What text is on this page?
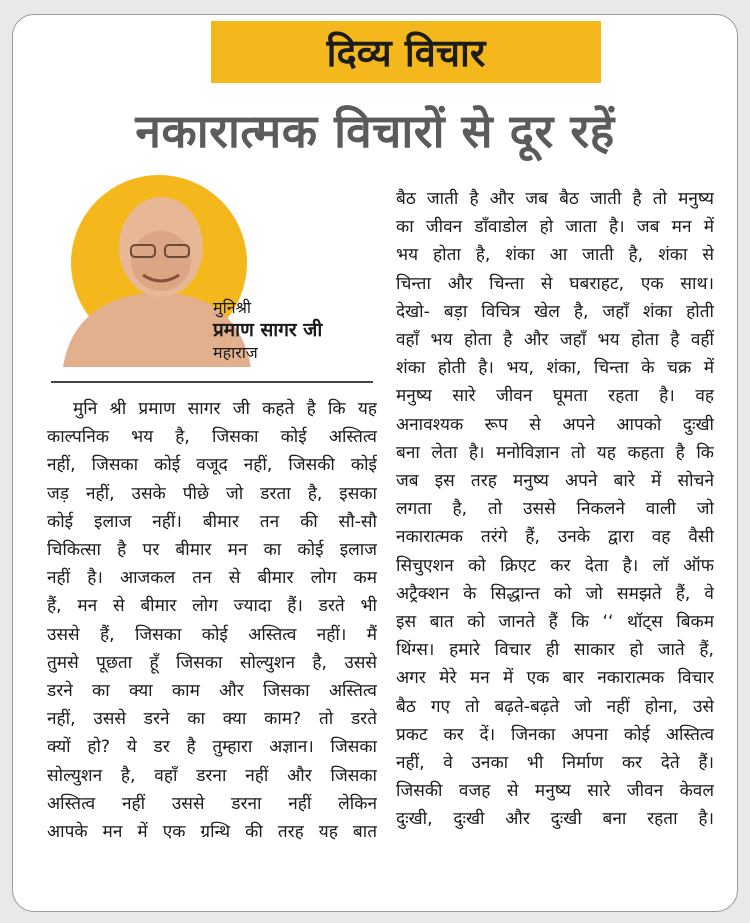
दिव्य विचार
नकारात्मक विचारों से दूर रहें
मुनिश्री
प्रमाण सागर जी
महाराज

मुनि श्री प्रमाण सागर जी कहते है कि यह

काल्पनिक भय है, जिसका कोई अस्तित्व

नहीं, जिसका कोई वजूद नहीं, जिसकी कोई

जड़ नहीं, उसके पीछे जो डरता है, इसका

कोई इलाज नहीं। बीमार तन की सौ-सौ

चिकित्सा है पर बीमार मन का कोई इलाज

नहीं है। आजकल तन से बीमार लोग कम

हैं, मन से बीमार लोग ज्यादा हैं। डरते भी

उससे हैं, जिसका कोई अस्तित्व नहीं। मैं

तुमसे पूछता हूँ जिसका सोल्युशन है, उससे

डरने का क्या काम और जिसका अस्तित्व

नहीं, उससे डरने का क्या काम? तो डरते

क्यों हो? ये डर है तुम्हारा अज्ञान। जिसका

सोल्युशन है, वहाँ डरना नहीं और जिसका

अस्तित्व नहीं उससे डरना नहीं लेकिन

आपके मन में एक ग्रन्थि की तरह यह बात

बैठ जाती है और जब बैठ जाती है तो मनुष्य

का जीवन डाँवाडोल हो जाता है। जब मन में

भय होता है, शंका आ जाती है, शंका से

चिन्ता और चिन्ता से घबराहट, एक साथ।

देखो- बड़ा विचित्र खेल है, जहाँ शंका होती

वहाँ भय होता है और जहाँ भय होता है वहीं

शंका होती है। भय, शंका, चिन्ता के चक्र में

मनुष्य सारे जीवन घूमता रहता है। वह

अनावश्यक रूप से अपने आपको दुःखी

बना लेता है। मनोविज्ञान तो यह कहता है कि

जब इस तरह मनुष्य अपने बारे में सोचने

लगता है, तो उससे निकलने वाली जो

नकारात्मक तरंगे हैं, उनके द्वारा वह वैसी

सिचुएशन को क्रिएट कर देता है। लॉ ऑफ

अट्रैक्शन के सिद्धान्त को जो समझते हैं, वे

इस बात को जानते हैं कि ‘‘ थॉट्स बिकम

थिंग्स। हमारे विचार ही साकार हो जाते हैं,

अगर मेरे मन में एक बार नकारात्मक विचार

बैठ गए तो बढ़ते-बढ़ते जो नहीं होना, उसे

प्रकट कर दें। जिनका अपना कोई अस्तित्व

नहीं, वे उनका भी निर्माण कर देते हैं।

जिसकी वजह से मनुष्य सारे जीवन केवल

दुःखी, दुःखी और दुःखी बना रहता है।
